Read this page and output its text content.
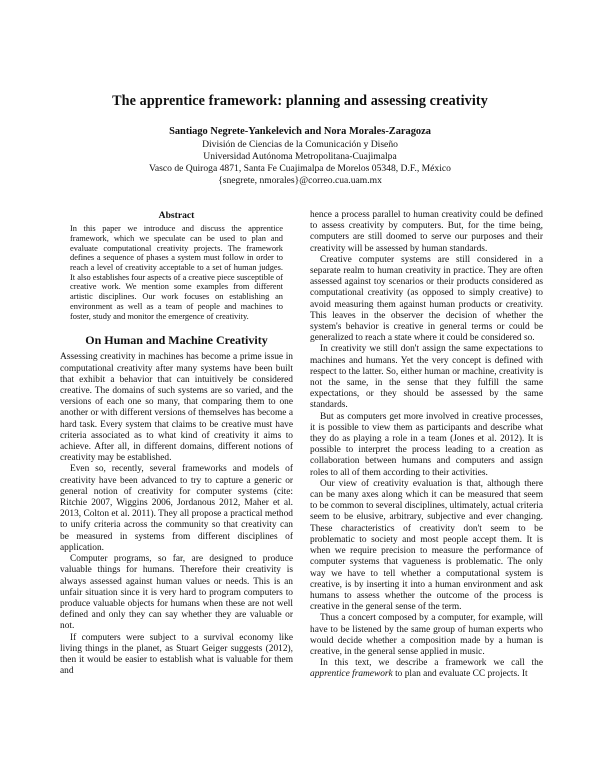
The apprentice framework: planning and assessing creativity
Santiago Negrete-Yankelevich and Nora Morales-Zaragoza
División de Ciencias de la Comunicación y Diseño
Universidad Autónoma Metropolitana-Cuajimalpa
Vasco de Quiroga 4871, Santa Fe Cuajimalpa de Morelos 05348, D.F., México
{snegrete, nmorales}@correo.cua.uam.mx
Abstract
In this paper we introduce and discuss the apprentice framework, which we speculate can be used to plan and evaluate computational creativity projects. The framework defines a sequence of phases a system must follow in order to reach a level of creativity acceptable to a set of human judges. It also establishes four aspects of a creative piece susceptible of creative work. We mention some examples from different artistic disciplines. Our work focuses on establishing an environment as well as a team of people and machines to foster, study and monitor the emergence of creativity.
On Human and Machine Creativity

Assessing creativity in machines has become a prime issue in computational creativity after many systems have been built that exhibit a behavior that can intuitively be considered creative. The domains of such systems are so varied, and the versions of each one so many, that comparing them to one another or with different versions of themselves has become a hard task. Every system that claims to be creative must have criteria associated as to what kind of creativity it aims to achieve. After all, in different domains, different notions of creativity may be established.

Even so, recently, several frameworks and models of creativity have been advanced to try to capture a generic or general notion of creativity for computer systems (cite: Ritchie 2007, Wiggins 2006, Jordanous 2012, Maher et al. 2013, Colton et al. 2011). They all propose a practical method to unify criteria across the community so that creativity can be measured in systems from different disciplines of application.

Computer programs, so far, are designed to produce valuable things for humans. Therefore their creativity is always assessed against human values or needs. This is an unfair situation since it is very hard to program computers to produce valuable objects for humans when these are not well defined and only they can say whether they are valuable or not.

If computers were subject to a survival economy like living things in the planet, as Stuart Geiger suggests (2012), then it would be easier to establish what is valuable for them and

hence a process parallel to human creativity could be defined to assess creativity by computers. But, for the time being, computers are still doomed to serve our purposes and their creativity will be assessed by human standards.

Creative computer systems are still considered in a separate realm to human creativity in practice. They are often assessed against toy scenarios or their products considered as computational creativity (as opposed to simply creative) to avoid measuring them against human products or creativity. This leaves in the observer the decision of whether the system's behavior is creative in general terms or could be generalized to reach a state where it could be considered so.

In creativity we still don't assign the same expectations to machines and humans. Yet the very concept is defined with respect to the latter. So, either human or machine, creativity is not the same, in the sense that they fulfill the same expectations, or they should be assessed by the same standards.

But as computers get more involved in creative processes, it is possible to view them as participants and describe what they do as playing a role in a team (Jones et al. 2012). It is possible to interpret the process leading to a creation as collaboration between humans and computers and assign roles to all of them according to their activities.

Our view of creativity evaluation is that, although there can be many axes along which it can be measured that seem to be common to several disciplines, ultimately, actual criteria seem to be elusive, arbitrary, subjective and ever changing. These characteristics of creativity don't seem to be problematic to society and most people accept them. It is when we require precision to measure the performance of computer systems that vagueness is problematic. The only way we have to tell whether a computational system is creative, is by inserting it into a human environment and ask humans to assess whether the outcome of the process is creative in the general sense of the term.

Thus a concert composed by a computer, for example, will have to be listened by the same group of human experts who would decide whether a composition made by a human is creative, in the general sense applied in music.

In this text, we describe a framework we call the apprentice framework to plan and evaluate CC projects. It
